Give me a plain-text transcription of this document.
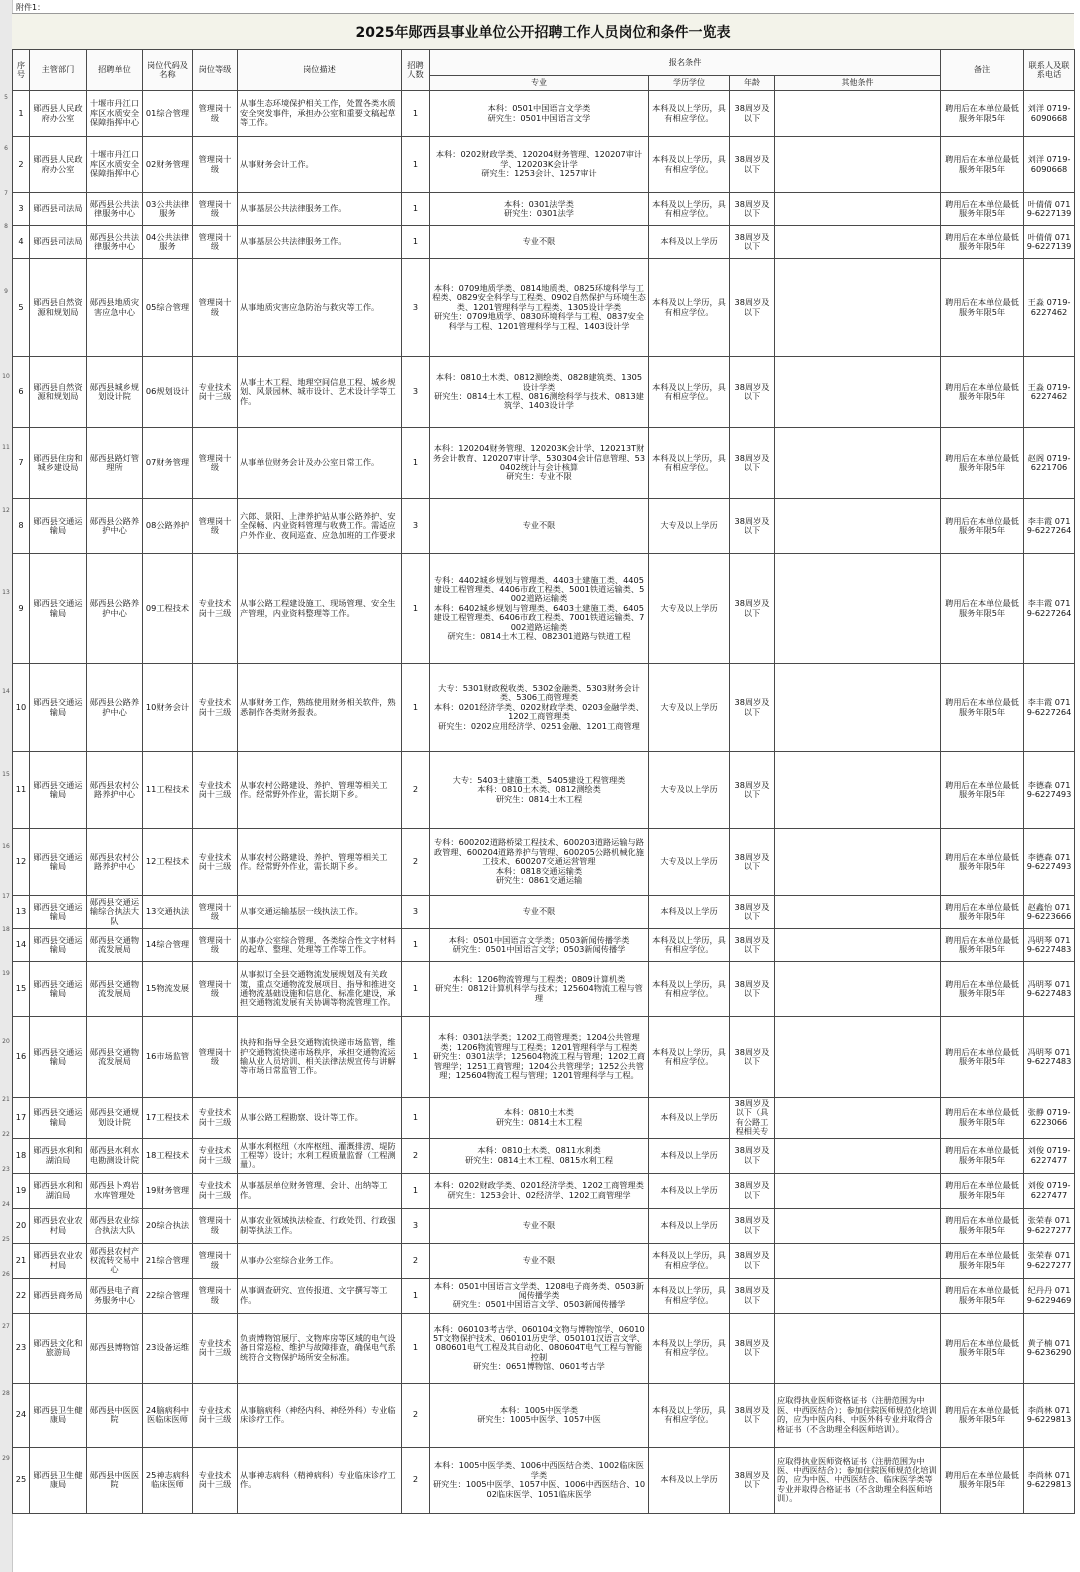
5
6
7
8
9
10
11
12
13
14
15
16
17
18
19
20
21
22
23
24
25
26
27
28
29
附件1：
2025年郧西县事业单位公开招聘工作人员岗位和条件一览表
序号	主管部门	招聘单位	岗位代码及名称	岗位等级	岗位描述	招聘人数	报名条件				备注	联系人及联系电话
							专业	学历学位	年龄	其他条件		
1	郧西县人民政府办公室	十堰市丹江口库区水质安全保障指挥中心	01综合管理	管理岗十级	从事生态环境保护相关工作，处置各类水质安全突发事件，承担办公室和重要文稿起草等工作。	1	本科：0501中国语言文学类
研究生：0501中国语言文学	本科及以上学历，具有相应学位。	38周岁及以下		聘用后在本单位最低服务年限5年	刘洋 0719-6090668
2	郧西县人民政府办公室	十堰市丹江口库区水质安全保障指挥中心	02财务管理	管理岗十级	从事财务会计工作。	1	本科：0202财政学类、120204财务管理、120207审计学、120203K会计学
研究生：1253会计、1257审计	本科及以上学历，具有相应学位。	38周岁及以下		聘用后在本单位最低服务年限5年	刘洋 0719-6090668
3	郧西县司法局	郧西县公共法律服务中心	03公共法律服务	管理岗十级	从事基层公共法律服务工作。	1	本科：0301法学类
研究生：0301法学	本科及以上学历，具有相应学位。	38周岁及以下		聘用后在本单位最低服务年限5年	叶倩倩 0719-6227139
4	郧西县司法局	郧西县公共法律服务中心	04公共法律服务	管理岗十级	从事基层公共法律服务工作。	1	专业不限	本科及以上学历	38周岁及以下		聘用后在本单位最低服务年限5年	叶倩倩 0719-6227139
5	郧西县自然资源和规划局	郧西县地质灾害应急中心	05综合管理	管理岗十级	从事地质灾害应急防治与救灾等工作。	3	本科：0709地质学类、0814地质类、0825环境科学与工程类、0829安全科学与工程类、0902自然保护与环境生态类、1201管理科学与工程类、1305设计学类
研究生：0709地质学、0830环境科学与工程、0837安全科学与工程、1201管理科学与工程、1403设计学	本科及以上学历，具有相应学位。	38周岁及以下		聘用后在本单位最低服务年限5年	王淼 0719-6227462
6	郧西县自然资源和规划局	郧西县城乡规划设计院	06规划设计	专业技术岗十三级	从事土木工程、地理空间信息工程、城乡规划、风景园林、城市设计、艺术设计学等工作。	3	本科：0810土木类、0812测绘类、0828建筑类、1305设计学类
研究生：0814土木工程、0816测绘科学与技术、0813建筑学、1403设计学	本科及以上学历，具有相应学位。	38周岁及以下		聘用后在本单位最低服务年限5年	王淼 0719-6227462
7	郧西县住房和城乡建设局	郧西县路灯管理所	07财务管理	管理岗十级	从事单位财务会计及办公室日常工作。	1	本科：120204财务管理、120203K会计学、120213T财务会计教育、120207审计学、530304会计信息管理、530402统计与会计核算
研究生：专业不限	本科及以上学历，具有相应学位。	38周岁及以下		聘用后在本单位最低服务年限5年	赵阁 0719-6221706
8	郧西县交通运输局	郧西县公路养护中心	08公路养护	管理岗十级	六郎、景阳、上津养护站从事公路养护、安全保畅、内业资料管理与收费工作。需适应户外作业、夜间巡查、应急加班的工作要求	3	专业不限	大专及以上学历	38周岁及以下		聘用后在本单位最低服务年限5年	李丰霞 0719-6227264
9	郧西县交通运输局	郧西县公路养护中心	09工程技术	专业技术岗十三级	从事公路工程建设施工、现场管理、安全生产管理，内业资料整理等工作。	1	专科：4402城乡规划与管理类、4403土建施工类、4405建设工程管理类、4406市政工程类、5001铁道运输类、5002道路运输类
本科：6402城乡规划与管理类、6403土建施工类、6405建设工程管理类、6406市政工程类、7001铁道运输类、7002道路运输类
研究生：0814土木工程、082301道路与铁道工程	大专及以上学历	38周岁及以下		聘用后在本单位最低服务年限5年	李丰霞 0719-6227264
10	郧西县交通运输局	郧西县公路养护中心	10财务会计	专业技术岗十三级	从事财务工作，熟练使用财务相关软件，熟悉制作各类财务报表。	1	大专：5301财政税收类、5302金融类、5303财务会计类、5306工商管理类
本科：0201经济学类、0202财政学类、0203金融学类、1202工商管理类
研究生：0202应用经济学、0251金融、1201工商管理	大专及以上学历	38周岁及以下		聘用后在本单位最低服务年限5年	李丰霞 0719-6227264
11	郧西县交通运输局	郧西县农村公路养护中心	11工程技术	专业技术岗十三级	从事农村公路建设、养护、管理等相关工作。经常野外作业，需长期下乡。	2	大专：5403土建施工类、5405建设工程管理类
本科：0810土木类、0812测绘类
研究生：0814土木工程	大专及以上学历	38周岁及以下		聘用后在本单位最低服务年限5年	李德森 0719-6227493
12	郧西县交通运输局	郧西县农村公路养护中心	12工程技术	专业技术岗十三级	从事农村公路建设、养护、管理等相关工作。经常野外作业，需长期下乡。	2	专科：600202道路桥梁工程技术、600203道路运输与路政管理、600204道路养护与管理、600205公路机械化施工技术、600207交通运营管理
本科：0818交通运输类
研究生：0861交通运输	大专及以上学历	38周岁及以下		聘用后在本单位最低服务年限5年	李德森 0719-6227493
13	郧西县交通运输局	郧西县交通运输综合执法大队	13交通执法	管理岗十级	从事交通运输基层一线执法工作。	3	专业不限	本科及以上学历	38周岁及以下		聘用后在本单位最低服务年限5年	赵鑫怡 0719-6223666
14	郧西县交通运输局	郧西县交通物流发展局	14综合管理	管理岗十级	从事办公室综合管理，各类综合性文字材料的起草、整理、处理等工作等工作。	1	本科：0501中国语言文学类；0503新闻传播学类
研究生：0501中国语言文学；0503新闻传播学	本科及以上学历，具有相应学位。	38周岁及以下		聘用后在本单位最低服务年限5年	冯明琴 0719-6227483
15	郧西县交通运输局	郧西县交通物流发展局	15物流发展	管理岗十级	从事拟订全县交通物流发展规划及有关政策，重点交通物流发展项目、指导和推进交通物流基础设施和信息化、标准化建设，承担交通物流发展有关协调等物流管理工作。	1	本科：1206物流管理与工程类；0809计算机类
研究生：0812计算机科学与技术；125604物流工程与管理	本科及以上学历，具有相应学位。	38周岁及以下		聘用后在本单位最低服务年限5年	冯明琴 0719-6227483
16	郧西县交通运输局	郧西县交通物流发展局	16市场监管	管理岗十级	执持和指导全县交通物流快递市场监管，维护交通物流快递市场秩序，承担交通物流运输从业人员培训、相关法律法规宣传与讲解等市场日常监管工作。	1	本科：0301法学类；1202工商管理类；1204公共管理类；1206物流管理与工程类；1201管理科学与工程类
研究生：0301法学；125604物流工程与管理；1202工商管理学；1251工商管理；1204公共管理学；1252公共管理；125604物流工程与管理；1201管理科学与工程。	本科及以上学历，具有相应学位。	38周岁及以下		聘用后在本单位最低服务年限5年	冯明琴 0719-6227483
17	郧西县交通运输局	郧西县交通规划设计院	17工程技术	专业技术岗十三级	从事公路工程勘察、设计等工作。	1	本科：0810土木类
研究生：0814土木工程	本科及以上学历	38周岁及以下（具有公路工程相关专		聘用后在本单位最低服务年限5年	张静 0719-6223066
18	郧西县水利和湖泊局	郧西县水利水电勘测设计院	18工程技术	专业技术岗十三级	从事水利枢纽（水库枢纽、灌溉排涝、堤防工程等）设计；水利工程质量监督（工程测量）。	2	本科：0810土木类、0811水利类
研究生：0814土木工程、0815水利工程	本科及以上学历	38周岁及以下		聘用后在本单位最低服务年限5年	刘俊 0719-6227477
19	郧西县水利和湖泊局	郧西县卜鸡岩水库管理处	19财务管理	专业技术岗十三级	从事基层单位财务管理、会计、出纳等工作。	1	本科：0202财政学类、0201经济学类、1202工商管理类
研究生：1253会计、02经济学、1202工商管理学	本科及以上学历	38周岁及以下		聘用后在本单位最低服务年限5年	刘俊 0719-6227477
20	郧西县农业农村局	郧西县农业综合执法大队	20综合执法	管理岗十级	从事农业领域执法检查、行政处罚、行政强制等执法工作。	3	专业不限	本科及以上学历	38周岁及以下		聘用后在本单位最低服务年限5年	张荣春 0719-6227277
21	郧西县农业农村局	郧西县农村产权流转交易中心	21综合管理	管理岗十级	从事办公室综合业务工作。	2	专业不限	本科及以上学历，具有相应学位。	38周岁及以下		聘用后在本单位最低服务年限5年	张荣春 0719-6227277
22	郧西县商务局	郧西县电子商务服务中心	22综合管理	管理岗十级	从事调查研究、宣传报道、文字撰写等工作。	1	本科：0501中国语言文学类、1208电子商务类、0503新闻传播学类
研究生：0501中国语言文学、0503新闻传播学	本科及以上学历，具有相应学位。	38周岁及以下		聘用后在本单位最低服务年限5年	纪丹丹 0719-6229469
23	郧西县文化和旅游局	郧西县博物馆	23设备运维	专业技术岗十三级	负责博物馆展厅、文物库房等区域的电气设备日常巡检、维护与故障排查，确保电气系统符合文物保护场所安全标准。	1	本科：060103考古学、060104文物与博物馆学、060105T文物保护技术、060101历史学、050101汉语言文学、080601电气工程及其自动化、080604T电气工程与智能控制
研究生：0651博物馆、0601考古学	本科及以上学历，具有相应学位。	38周岁及以下		聘用后在本单位最低服务年限5年	黄子楠 0719-6236290
24	郧西县卫生健康局	郧西县中医医院	24脑病科中医临床医师	专业技术岗十三级	从事脑病科（神经内科、神经外科）专业临床诊疗工作。	2	本科：1005中医学类
研究生：1005中医学、1057中医	本科及以上学历，具有相应学位。	38周岁及以下	应取得执业医师资格证书（注册范围为中医、中西医结合）；参加住院医师规范化培训的，应为中医内科、中医外科专业并取得合格证书（不含助理全科医师培训）。	聘用后在本单位最低服务年限5年	李尚林 0719-6229813
25	郧西县卫生健康局	郧西县中医医院	25神志病科临床医师	专业技术岗十三级	从事神志病科（精神病科）专业临床诊疗工作。	2	本科：1005中医学类、1006中西医结合类、1002临床医学类
研究生：1005中医学、1057中医、1006中西医结合、1002临床医学、1051临床医学	本科及以上学历	38周岁及以下	应取得执业医师资格证书（注册范围为中医、中西医结合）；参加住院医师规范化培训的，应为中医、中西医结合、临床医学类等专业并取得合格证书（不含助理全科医师培训）。	聘用后在本单位最低服务年限5年	李尚林 0719-6229813
